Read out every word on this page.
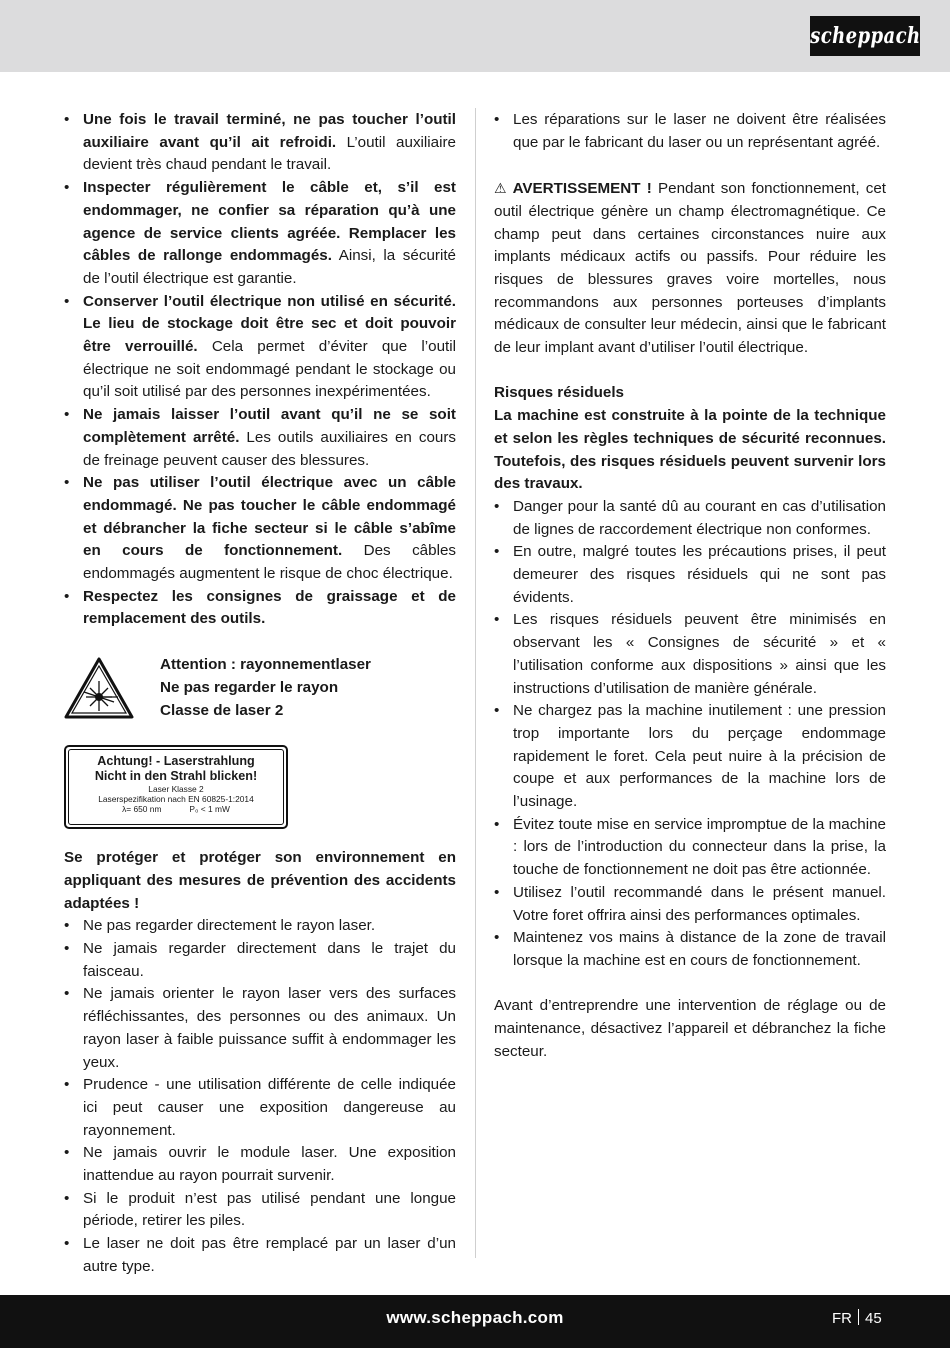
scheppach
• Une fois le travail terminé, ne pas toucher l’outil auxiliaire avant qu’il ait refroidi. L’outil auxiliaire devient très chaud pendant le travail.
• Inspecter régulièrement le câble et, s’il est endommager, ne confier sa réparation qu’à une agence de service clients agréée. Remplacer les câbles de rallonge endommagés. Ainsi, la sécurité de l’outil électrique est garantie.
• Conserver l’outil électrique non utilisé en sécurité. Le lieu de stockage doit être sec et doit pouvoir être verrouillé. Cela permet d’éviter que l’outil électrique ne soit endommagé pendant le stockage ou qu’il soit utilisé par des personnes inexpérimentées.
• Ne jamais laisser l’outil avant qu’il ne se soit complètement arrêté. Les outils auxiliaires en cours de freinage peuvent causer des blessures.
• Ne pas utiliser l’outil électrique avec un câble endommagé. Ne pas toucher le câble endommagé et débrancher la fiche secteur si le câble s’abîme en cours de fonctionnement. Des câbles endommagés augmentent le risque de choc électrique.
• Respectez les consignes de graissage et de remplacement des outils.
Attention : rayonnementlaser
Ne pas regarder le rayon
Classe de laser 2
Achtung! - Laserstrahlung
Nicht in den Strahl blicken!
Laser Klasse 2
Laserspezifikation nach EN 60825-1:2014
λ= 650 nm	P₀ < 1 mW

Se protéger et protéger son environnement en appliquant des mesures de prévention des accidents adaptées !

• Ne pas regarder directement le rayon laser.
• Ne jamais regarder directement dans le trajet du faisceau.
• Ne jamais orienter le rayon laser vers des surfaces réfléchissantes, des personnes ou des animaux. Un rayon laser à faible puissance suffit à endommager les yeux.
• Prudence - une utilisation différente de celle indiquée ici peut causer une exposition dangereuse au rayonnement.
• Ne jamais ouvrir le module laser. Une exposition inattendue au rayon pourrait survenir.
• Si le produit n’est pas utilisé pendant une longue période, retirer les piles.
• Le laser ne doit pas être remplacé par un laser d’un autre type.
• Les réparations sur le laser ne doivent être réalisées que par le fabricant du laser ou un représentant agréé.

⚠ AVERTISSEMENT ! Pendant son fonctionnement, cet outil électrique génère un champ électromagnétique. Ce champ peut dans certaines circonstances nuire aux implants médicaux actifs ou passifs. Pour réduire les risques de blessures graves voire mortelles, nous recommandons aux personnes porteuses d’implants médicaux de consulter leur médecin, ainsi que le fabricant de leur implant avant d’utiliser l’outil électrique.

Risques résiduels

La machine est construite à la pointe de la technique et selon les règles techniques de sécurité reconnues. Toutefois, des risques résiduels peuvent survenir lors des travaux.

• Danger pour la santé dû au courant en cas d’utilisation de lignes de raccordement électrique non conformes.
• En outre, malgré toutes les précautions prises, il peut demeurer des risques résiduels qui ne sont pas évidents.
• Les risques résiduels peuvent être minimisés en observant les « Consignes de sécurité » et « l’utilisation conforme aux dispositions » ainsi que les instructions d’utilisation de manière générale.
• Ne chargez pas la machine inutilement : une pression trop importante lors du perçage endommage rapidement le foret. Cela peut nuire à la précision de coupe et aux performances de la machine lors de l’usinage.
• Évitez toute mise en service impromptue de la machine : lors de l’introduction du connecteur dans la prise, la touche de fonctionnement ne doit pas être actionnée.
• Utilisez l’outil recommandé dans le présent manuel. Votre foret offrira ainsi des performances optimales.
• Maintenez vos mains à distance de la zone de travail lorsque la machine est en cours de fonctionnement.

Avant d’entreprendre une intervention de réglage ou de maintenance, désactivez l’appareil et débranchez la fiche secteur.

www.scheppach.com	FR 45
